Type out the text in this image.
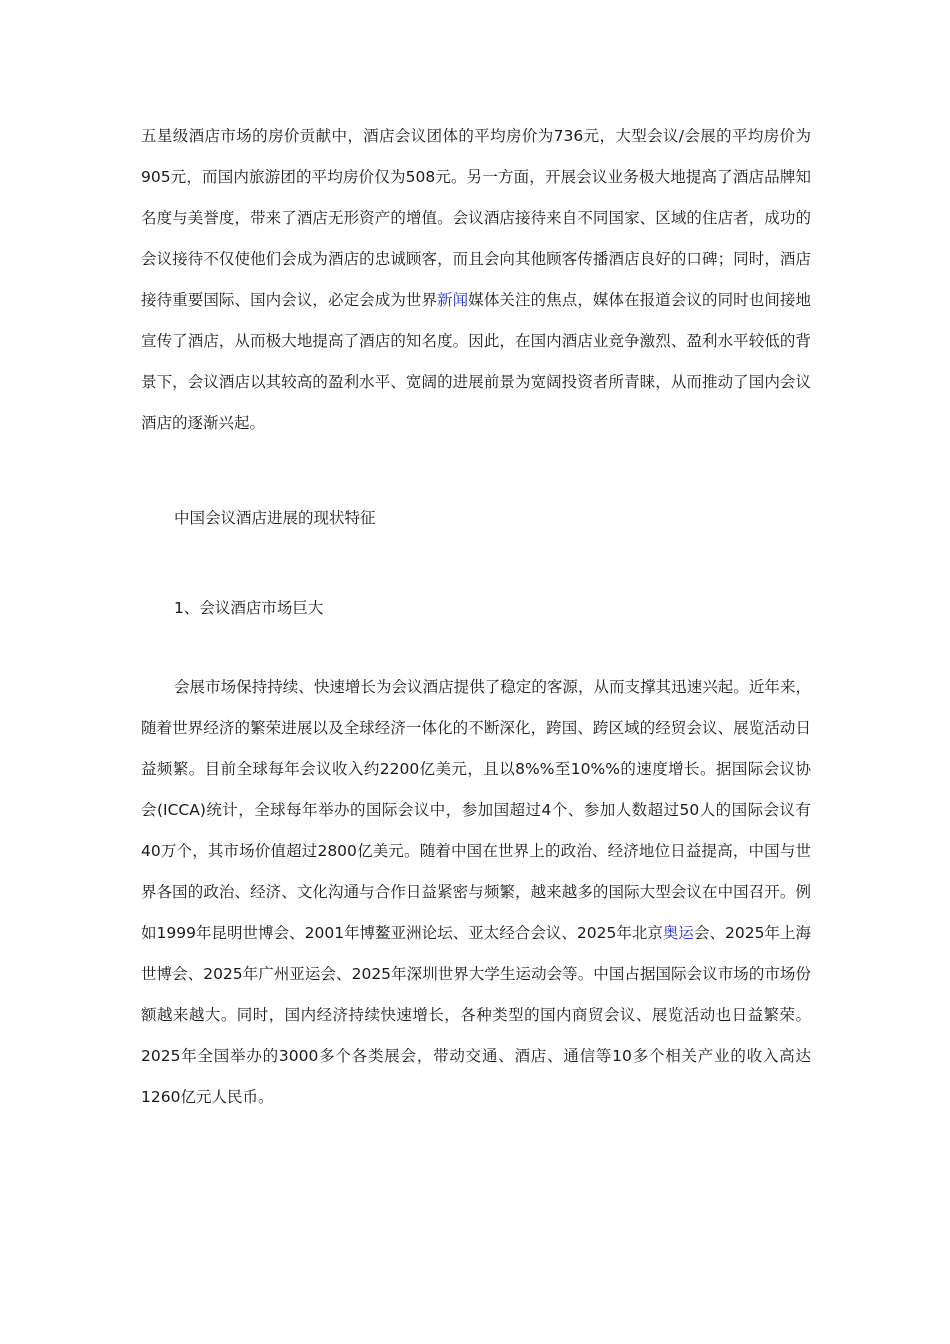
五星级酒店市场的房价贡献中，酒店会议团体的平均房价为736元，大型会议/会展的平均房价为905元，而国内旅游团的平均房价仅为508元。另一方面，开展会议业务极大地提高了酒店品牌知名度与美誉度，带来了酒店无形资产的增值。会议酒店接待来自不同国家、区域的住店者，成功的会议接待不仅使他们会成为酒店的忠诚顾客，而且会向其他顾客传播酒店良好的口碑；同时，酒店接待重要国际、国内会议，必定会成为世界新闻媒体关注的焦点，媒体在报道会议的同时也间接地宣传了酒店，从而极大地提高了酒店的知名度。因此，在国内酒店业竞争激烈、盈利水平较低的背景下，会议酒店以其较高的盈利水平、宽阔的进展前景为宽阔投资者所青睐，从而推动了国内会议酒店的逐渐兴起。
中国会议酒店进展的现状特征
1、会议酒店市场巨大
会展市场保持持续、快速增长为会议酒店提供了稳定的客源，从而支撑其迅速兴起。近年来，随着世界经济的繁荣进展以及全球经济一体化的不断深化，跨国、跨区域的经贸会议、展览活动日益频繁。目前全球每年会议收入约2200亿美元，且以8%%至10%%的速度增长。据国际会议协会(ICCA)统计，全球每年举办的国际会议中，参加国超过4个、参加人数超过50人的国际会议有40万个，其市场价值超过2800亿美元。随着中国在世界上的政治、经济地位日益提高，中国与世界各国的政治、经济、文化沟通与合作日益紧密与频繁，越来越多的国际大型会议在中国召开。例如1999年昆明世博会、2001年博鳌亚洲论坛、亚太经合会议、2025年北京奥运会、2025年上海世博会、2025年广州亚运会、2025年深圳世界大学生运动会等。中国占据国际会议市场的市场份额越来越大。同时，国内经济持续快速增长，各种类型的国内商贸会议、展览活动也日益繁荣。2025年全国举办的3000多个各类展会，带动交通、酒店、通信等10多个相关产业的收入高达1260亿元人民币。
